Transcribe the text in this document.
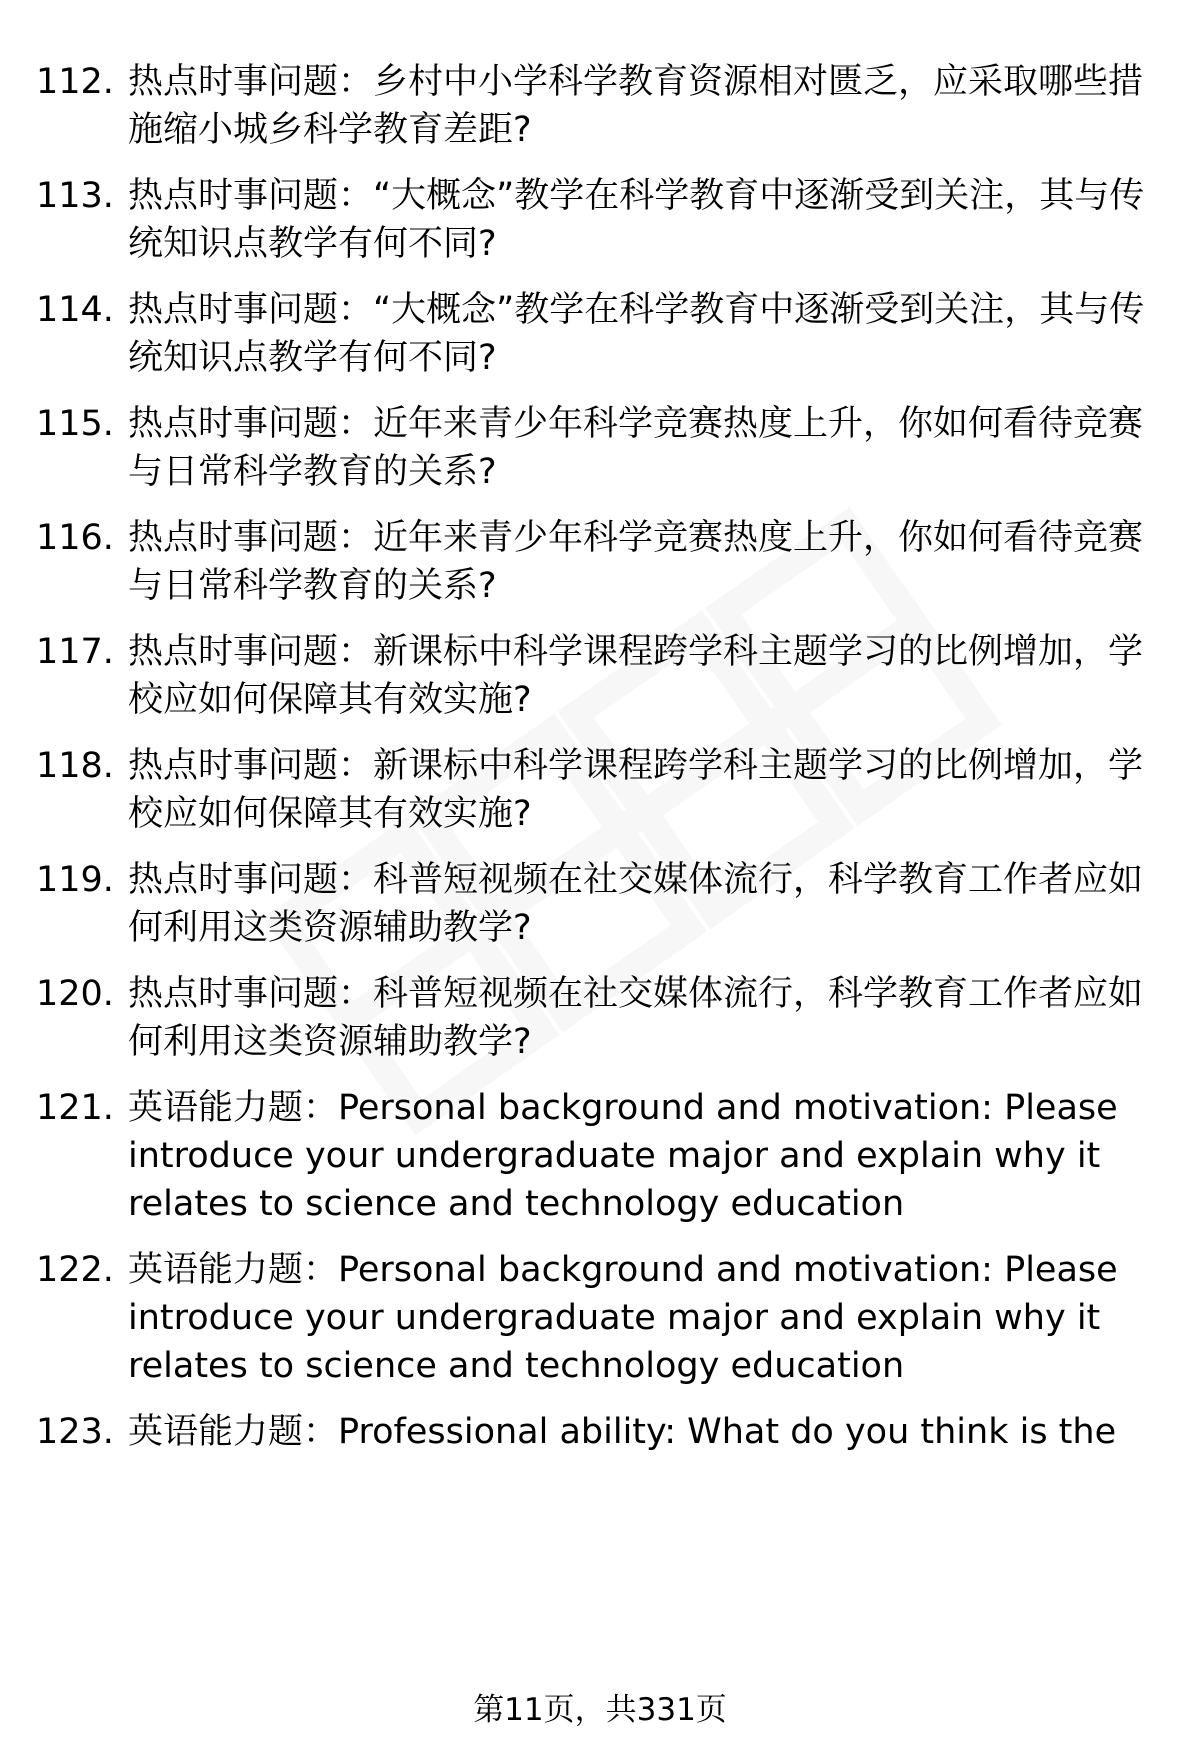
112. 热点时事问题：乡村中小学科学教育资源相对匮乏，应采取哪些措施缩小城乡科学教育差距?
113. 热点时事问题：“大概念”教学在科学教育中逐渐受到关注，其与传统知识点教学有何不同?
114. 热点时事问题：“大概念”教学在科学教育中逐渐受到关注，其与传统知识点教学有何不同?
115. 热点时事问题：近年来青少年科学竞赛热度上升，你如何看待竞赛与日常科学教育的关系?
116. 热点时事问题：近年来青少年科学竞赛热度上升，你如何看待竞赛与日常科学教育的关系?
117. 热点时事问题：新课标中科学课程跨学科主题学习的比例增加，学校应如何保障其有效实施?
118. 热点时事问题：新课标中科学课程跨学科主题学习的比例增加，学校应如何保障其有效实施?
119. 热点时事问题：科普短视频在社交媒体流行，科学教育工作者应如何利用这类资源辅助教学?
120. 热点时事问题：科普短视频在社交媒体流行，科学教育工作者应如何利用这类资源辅助教学?
121. 英语能力题：Personal background and motivation: Please introduce your undergraduate major and explain why it relates to science and technology education
122. 英语能力题：Personal background and motivation: Please introduce your undergraduate major and explain why it relates to science and technology education
123. 英语能力题：Professional ability: What do you think is the
第11页，共331页
